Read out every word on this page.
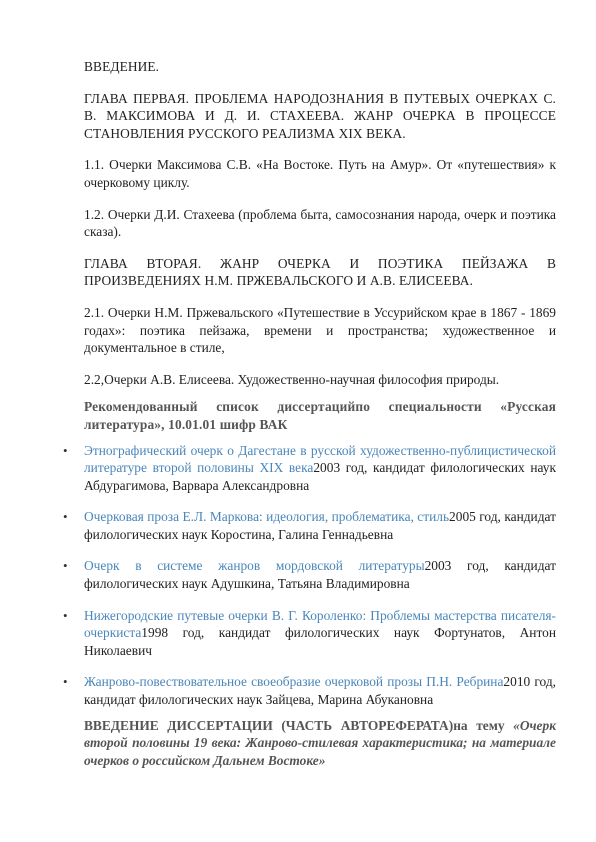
ВВЕДЕНИЕ.

ГЛАВА ПЕРВАЯ. ПРОБЛЕМА НАРОДОЗНАНИЯ В ПУТЕВЫХ ОЧЕРКАХ С. В. МАКСИМОВА И Д. И. СТАХЕЕВА. ЖАНР ОЧЕРКА В ПРОЦЕССЕ СТАНОВЛЕНИЯ РУССКОГО РЕАЛИЗМА XIX ВЕКА.

1.1. Очерки Максимова С.В. «На Востоке. Путь на Амур». От «путешествия» к очерковому циклу.

1.2. Очерки Д.И. Стахеева (проблема быта, самосознания народа, очерк и поэтика сказа).

ГЛАВА ВТОРАЯ. ЖАНР ОЧЕРКА И ПОЭТИКА ПЕЙЗАЖА В ПРОИЗВЕДЕНИЯХ Н.М. ПРЖЕВАЛЬСКОГО И А.В. ЕЛИСЕЕВА.

2.1. Очерки Н.М. Пржевальского «Путешествие в Уссурийском крае в 1867 - 1869 годах»: поэтика пейзажа, времени и пространства; художественное и документальное в стиле,

2.2,Очерки А.В. Елисеева. Художественно-научная философия природы.

Рекомендованный список диссертацийпо специальности «Русская литература», 10.01.01 шифр ВАК

• Этнографический очерк о Дагестане в русской художественно-публицистической литературе второй половины XIX века2003 год, кандидат филологических наук Абдурагимова, Варвара Александровна
• Очерковая проза Е.Л. Маркова: идеология, проблематика, стиль2005 год, кандидат филологических наук Коростина, Галина Геннадьевна
• Очерк в системе жанров мордовской литературы2003 год, кандидат филологических наук Адушкина, Татьяна Владимировна
• Нижегородские путевые очерки В. Г. Короленко: Проблемы мастерства писателя-очеркиста1998 год, кандидат филологических наук Фортунатов, Антон Николаевич
• Жанрово-повествовательное своеобразие очерковой прозы П.Н. Ребрина2010 год, кандидат филологических наук Зайцева, Марина Абукановна

ВВЕДЕНИЕ ДИССЕРТАЦИИ (ЧАСТЬ АВТОРЕФЕРАТА)на тему «Очерк второй половины 19 века: Жанрово-стилевая характеристика; на материале очерков о российском Дальнем Востоке»
